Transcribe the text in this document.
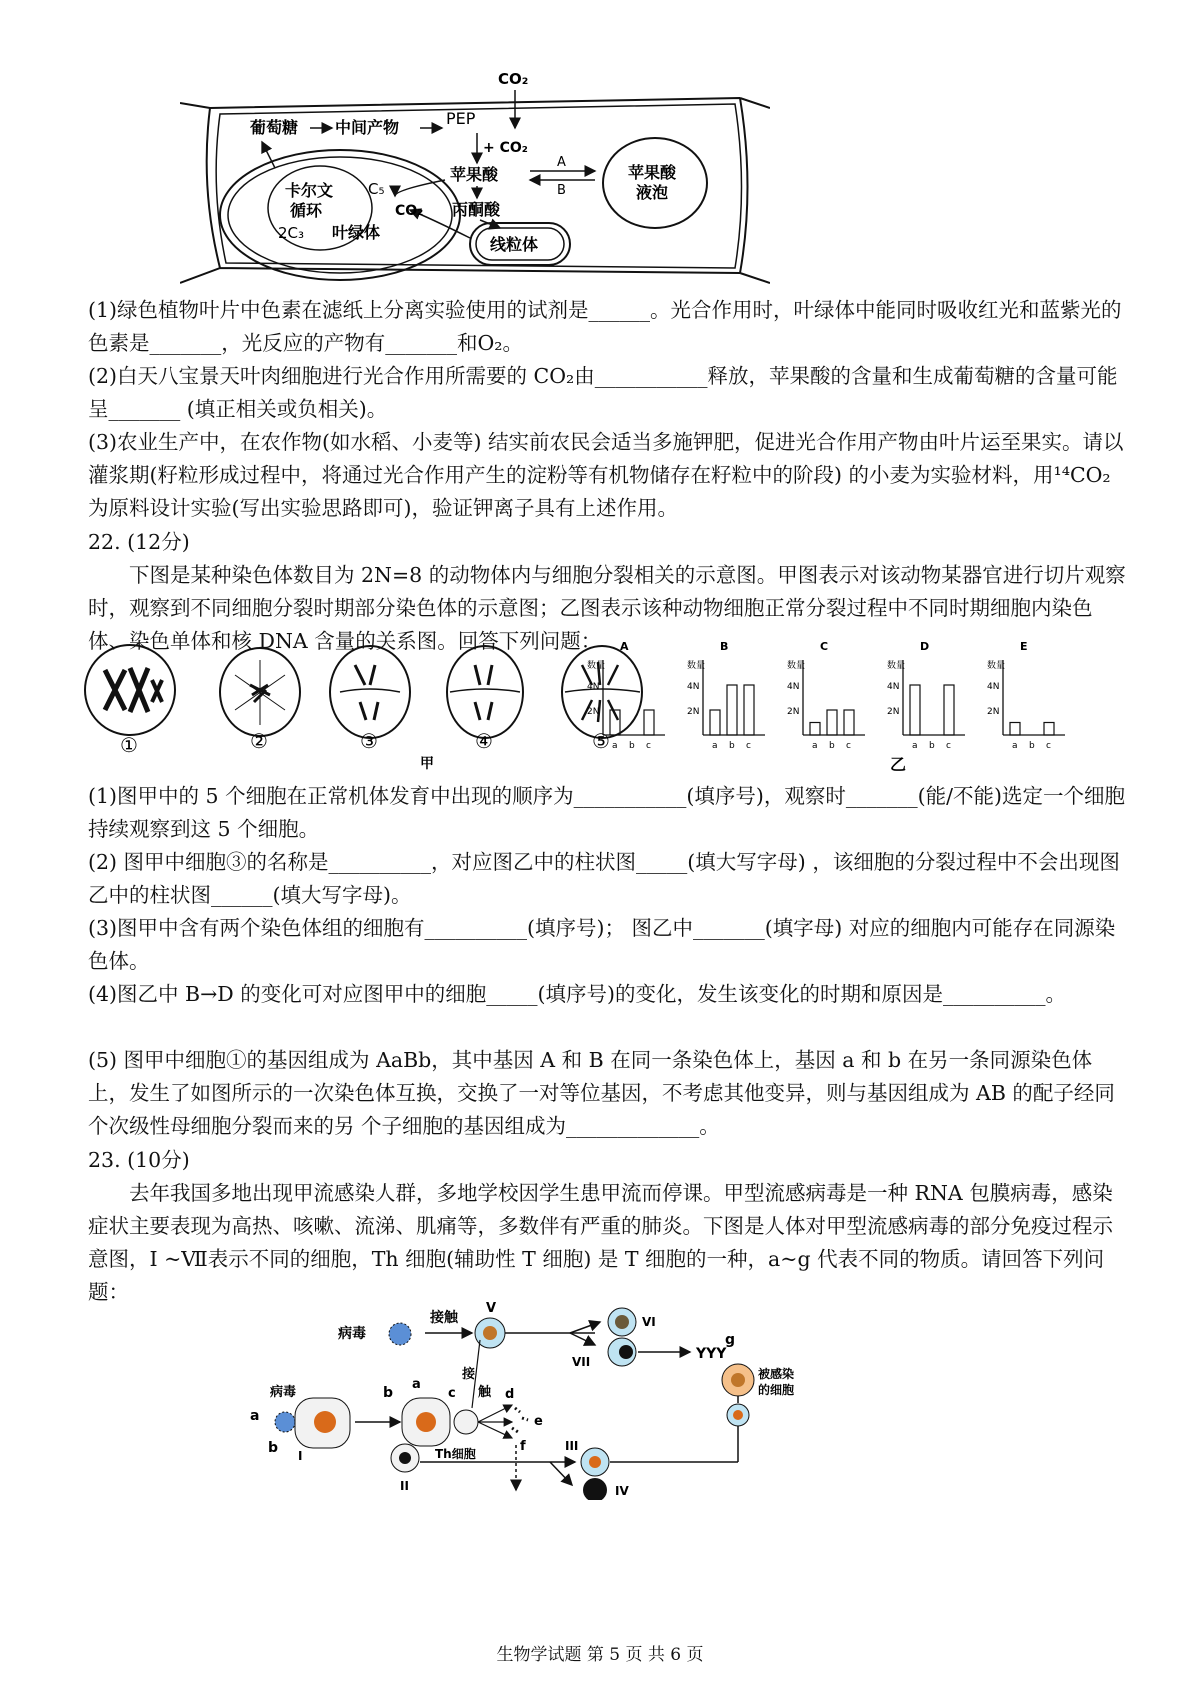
CO₂
葡萄糖 中间产物	PEP
+ CO₂
苹果酸
A
B
苹果酸
液泡
丙酮酸
线粒体
卡尔文
循环
C₅
CO₂
2C₃ 叶绿体

(1)绿色植物叶片中色素在滤纸上分离实验使用的试剂是______。光合作用时，叶绿体中能同时吸收红光和蓝紫光的色素是_______，光反应的产物有_______和O₂。

(2)白天八宝景天叶肉细胞进行光合作用所需要的 CO₂由___________释放，苹果酸的含量和生成葡萄糖的含量可能呈_______ (填正相关或负相关)。

(3)农业生产中，在农作物(如水稻、小麦等) 结实前农民会适当多施钾肥，促进光合作用产物由叶片运至果实。请以灌浆期(籽粒形成过程中，将通过光合作用产生的淀粉等有机物储存在籽粒中的阶段) 的小麦为实验材料，用¹⁴CO₂为原料设计实验(写出实验思路即可)，验证钾离子具有上述作用。

22. (12分)

下图是某种染色体数目为 2N=8 的动物体内与细胞分裂相关的示意图。甲图表示对该动物某器官进行切片观察时，观察到不同细胞分裂时期部分染色体的示意图；乙图表示该种动物细胞正常分裂过程中不同时期细胞内染色体、染色单体和核 DNA 含量的关系图。回答下列问题：

①	②	③	④	⑤
甲	乙
A
数量
4N
2N
a b c
B
数量
4N
2N
a b c
C
数量
4N
2N
a b c
D
数量
4N
2N
a b c
E
数量
4N
2N
a b c

(1)图甲中的 5 个细胞在正常机体发育中出现的顺序为___________(填序号)，观察时_______(能/不能)选定一个细胞持续观察到这 5 个细胞。

(2) 图甲中细胞③的名称是__________，对应图乙中的柱状图_____(填大写字母) ，该细胞的分裂过程中不会出现图乙中的柱状图______(填大写字母)。

(3)图甲中含有两个染色体组的细胞有__________(填序号)； 图乙中_______(填字母) 对应的细胞内可能存在同源染色体。

(4)图乙中 B→D 的变化可对应图甲中的细胞_____(填序号)的变化，发生该变化的时期和原因是__________。

(5) 图甲中细胞①的基因组成为 AaBb，其中基因 A 和 B 在同一条染色体上，基因 a 和 b 在另一条同源染色体上，发生了如图所示的一次染色体互换，交换了一对等位基因，不考虑其他变异，则与基因组成为 AB 的配子经同 个次级性母细胞分裂而来的另 个子细胞的基因组成为_____________。

23. (10分)

去年我国多地出现甲流感染人群，多地学校因学生患甲流而停课。甲型流感病毒是一种 RNA 包膜病毒，感染症状主要表现为高热、咳嗽、流涕、肌痛等，多数伴有严重的肺炎。下图是人体对甲型流感病毒的部分免疫过程示意图，Ⅰ ~Ⅶ表示不同的细胞，Th 细胞(辅助性 T 细胞) 是 T 细胞的一种，a~g 代表不同的物质。请回答下列问题：

病毒
接触
V
VI
VII	YYY
g
病毒
a
b I
b
a
c
接
触
Th细胞
d
e
f
II
III
IV
被感染
的细胞
生物学试题 第 5 页 共 6 页
